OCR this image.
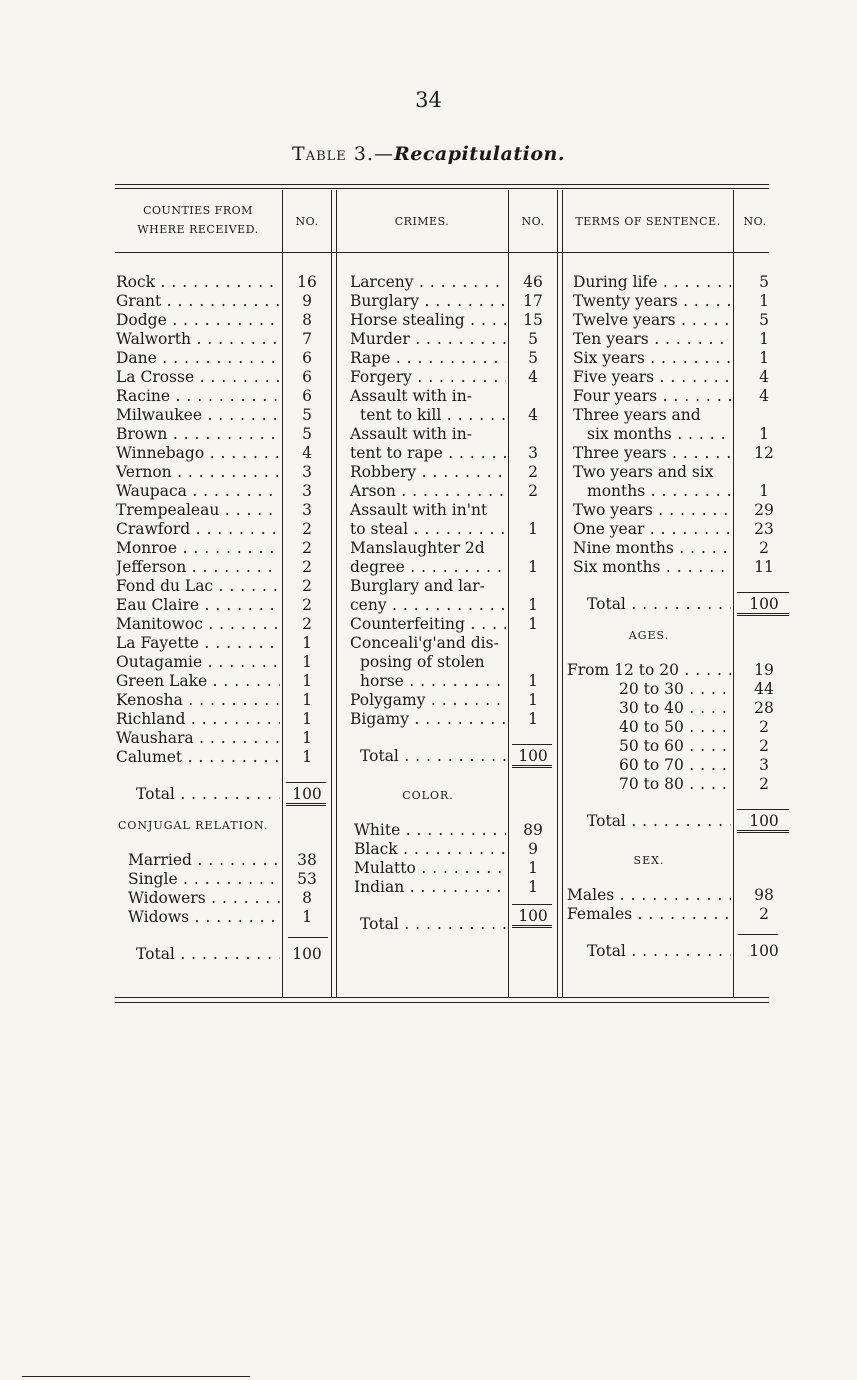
34
Table 3.—Recapitulation.
COUNTIES FROM WHERE RECEIVED.
NO.	CRIMES.	NO.	TERMS OF SENTENCE.	NO.
Rock . . .	16
Grant . . .	9
Dodge . . .	8
Walworth . . .	7
Dane . . .	6
La Crosse . . .	6
Racine . . .	6
Milwaukee . . .	5
Brown . . .	5
Winnebago . . .	4
Vernon . . .	3
Waupaca . . .	3
Trempealeau . . .	3
Crawford . . .	2
Monroe . . .	2
Jefferson . . .	2
Fond du Lac . . .	2
Eau Claire . . .	2
Manitowoc . . .	2
La Fayette . . .	1
Outagamie . . .	1
Green Lake . . .	1
Kenosha . . .	1
Richland . . .	1
Waushara . . .	1
Calumet . . .	1
Total . . .	100
CONJUGAL RELATION.
Married . . .	38
Single . . .	53
Widowers . . .	8
Widows . . .	1
Total . . .	100
Larceny . . .	46
Burglary . . .	17
Horse stealing . . .	15
Murder . . .	5
Rape . . .	5
Forgery . . .	4
Assault with in-
tent to kill . . .	4
Assault with in-
tent to rape . . .	3
Robbery . . .	2
Arson . . .	2
Assault with in'nt
to steal . . .	1
Manslaughter 2d
degree . . .	1
Burglary and lar-
ceny . . .	1
Counterfeiting . . .	1
Conceali'g'and dis-
posing of stolen
horse . . .	1
Polygamy . . .	1
Bigamy . . .	1
Total . . .	100
COLOR.
White . . .	89
Black . . .	9
Mulatto . . .	1
Indian . . .	1
Total . . .	100
During life . . .	5
Twenty years . . .	1
Twelve years . . .	5
Ten years . . .	1
Six years . . .	1
Five years . . .	4
Four years . . .	4
Three years and
six months . . .	1
Three years . . .	12
Two years and six
months . . .	1
Two years . . .	29
One year . . .	23
Nine months . . .	2
Six months . . .	11
Total . . .	100
AGES.
From 12 to 20 . . .	19
20 to 30 . . .	44
30 to 40 . . .	28
40 to 50 . . .	2
50 to 60 . . .	2
60 to 70 . . .	3
70 to 80 . . .	2
Total . . .	100
SEX.
Males . . .	98
Females . . .	2
Total . . .	100
